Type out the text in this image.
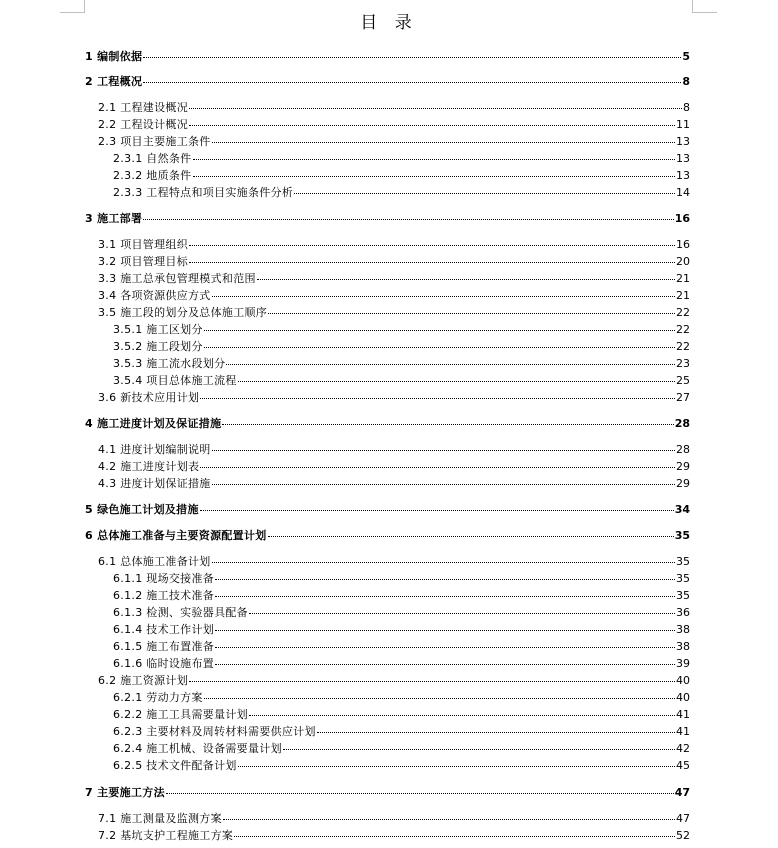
目 录
1 编制依据	5
2 工程概况	8
2.1 工程建设概况	8
2.2 工程设计概况	11
2.3 项目主要施工条件	13
2.3.1 自然条件	13
2.3.2 地质条件	13
2.3.3 工程特点和项目实施条件分析	14
3 施工部署	16
3.1 项目管理组织	16
3.2 项目管理目标	20
3.3 施工总承包管理模式和范围	21
3.4 各项资源供应方式	21
3.5 施工段的划分及总体施工顺序	22
3.5.1 施工区划分	22
3.5.2 施工段划分	22
3.5.3 施工流水段划分	23
3.5.4 项目总体施工流程	25
3.6 新技术应用计划	27
4 施工进度计划及保证措施	28
4.1 进度计划编制说明	28
4.2 施工进度计划表	29
4.3 进度计划保证措施	29
5 绿色施工计划及措施	34
6 总体施工准备与主要资源配置计划	35
6.1 总体施工准备计划	35
6.1.1 现场交接准备	35
6.1.2 施工技术准备	35
6.1.3 检测、实验器具配备	36
6.1.4 技术工作计划	38
6.1.5 施工布置准备	38
6.1.6 临时设施布置	39
6.2 施工资源计划	40
6.2.1 劳动力方案	40
6.2.2 施工工具需要量计划	41
6.2.3 主要材料及周转材料需要供应计划	41
6.2.4 施工机械、设备需要量计划	42
6.2.5 技术文件配备计划	45
7 主要施工方法	47
7.1 施工测量及监测方案	47
7.2 基坑支护工程施工方案	52
